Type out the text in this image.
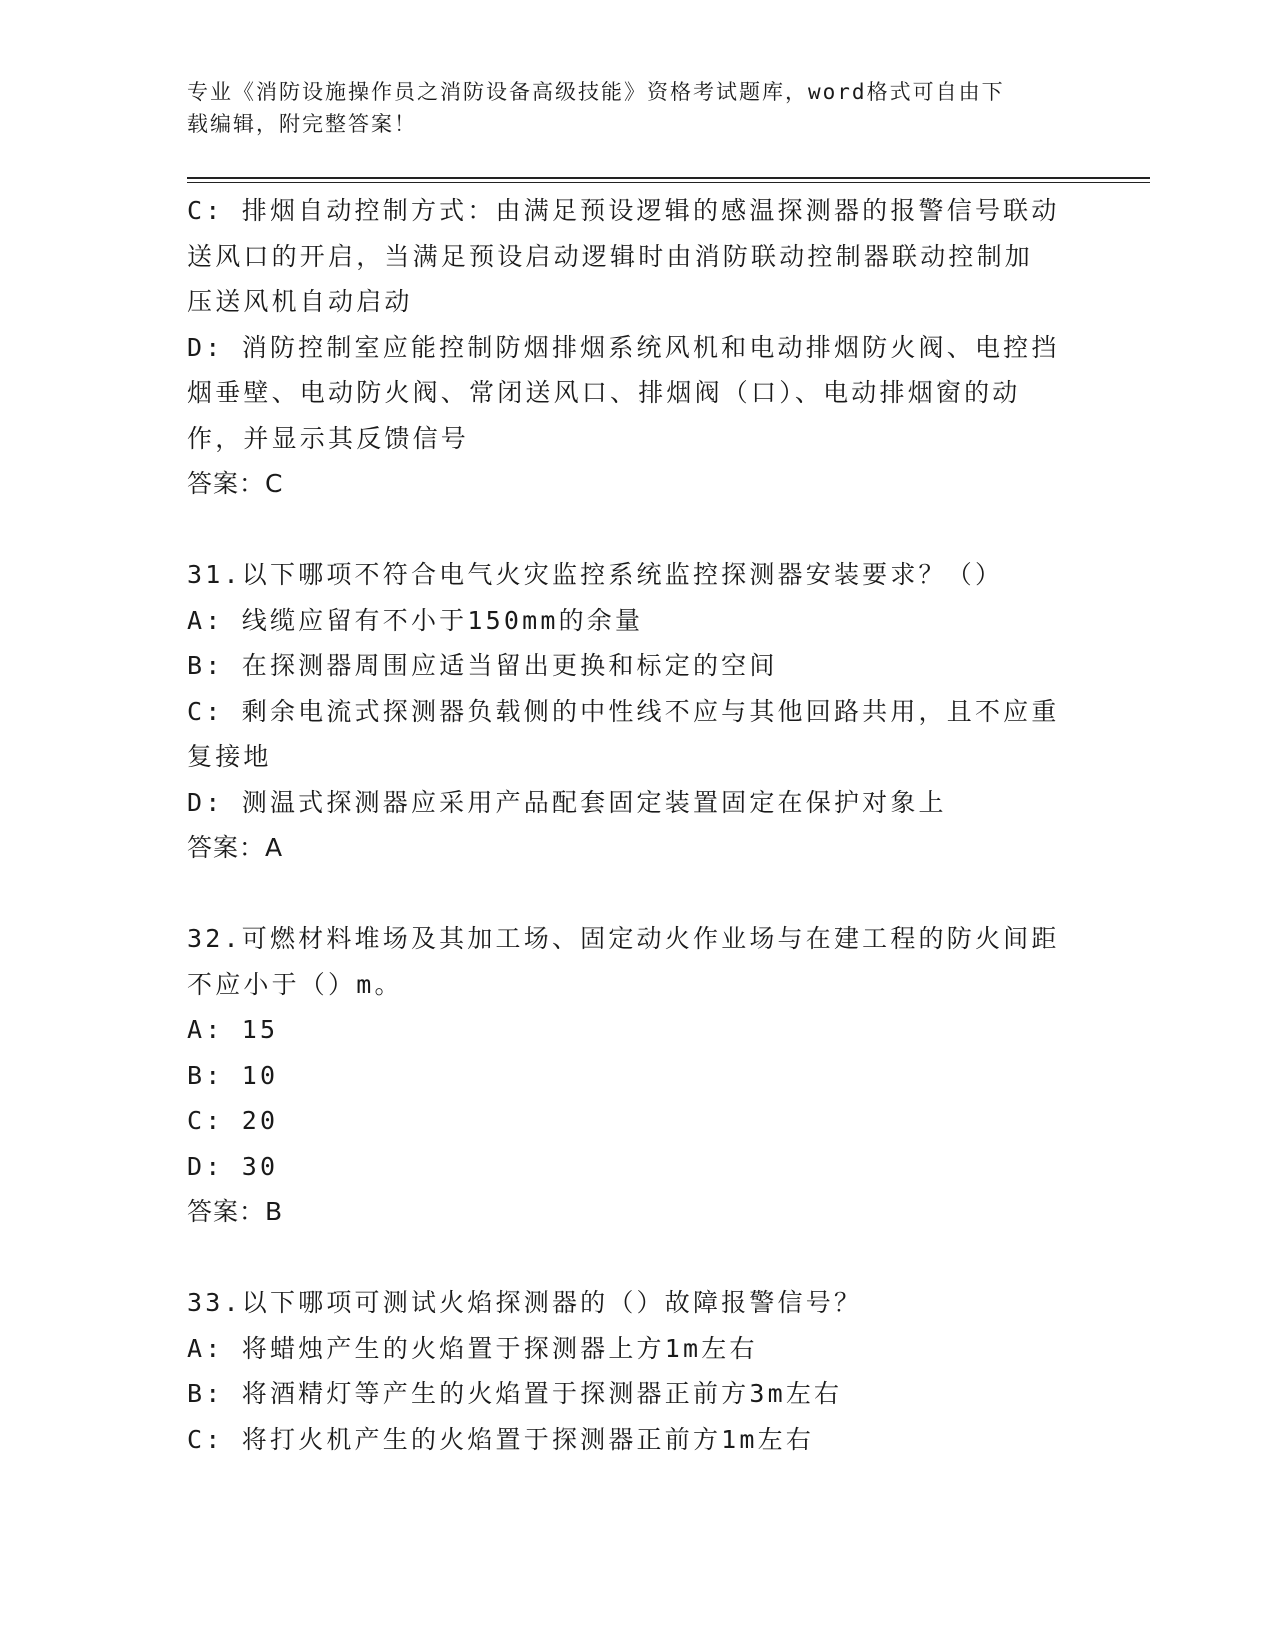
专业《消防设施操作员之消防设备高级技能》资格考试题库，word格式可自由下
载编辑，附完整答案！
C: 排烟自动控制方式：由满足预设逻辑的感温探测器的报警信号联动
送风口的开启，当满足预设启动逻辑时由消防联动控制器联动控制加
压送风机自动启动
D: 消防控制室应能控制防烟排烟系统风机和电动排烟防火阀、电控挡
烟垂壁、电动防火阀、常闭送风口、排烟阀（口）、电动排烟窗的动
作，并显示其反馈信号
答案：C
31.以下哪项不符合电气火灾监控系统监控探测器安装要求？（）
A: 线缆应留有不小于150mm的余量
B: 在探测器周围应适当留出更换和标定的空间
C: 剩余电流式探测器负载侧的中性线不应与其他回路共用，且不应重
复接地
D: 测温式探测器应采用产品配套固定装置固定在保护对象上
答案：A
32.可燃材料堆场及其加工场、固定动火作业场与在建工程的防火间距
不应小于（）m。
A: 15
B: 10
C: 20
D: 30
答案：B
33.以下哪项可测试火焰探测器的（）故障报警信号？
A: 将蜡烛产生的火焰置于探测器上方1m左右
B: 将酒精灯等产生的火焰置于探测器正前方3m左右
C: 将打火机产生的火焰置于探测器正前方1m左右
